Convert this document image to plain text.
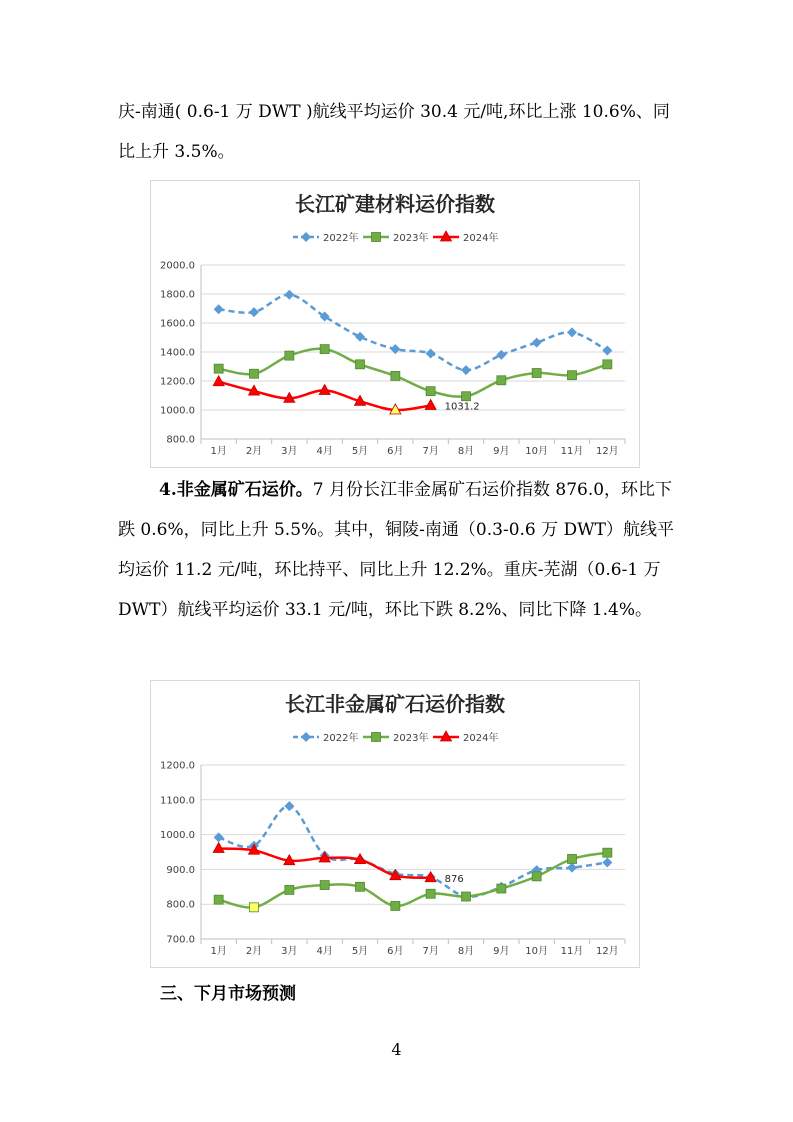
庆-南通( 0.6-1 万 DWT )航线平均运价 30.4 元/吨,环比上涨 10.6%、同比上升 3.5%。

长江矿建材料运价指数
2022年	2023年	2024年
800.0
1000.0
1200.0
1400.0
1600.0
1800.0
2000.0
1月 2月 3月 4月 5月 6月 7月 8月 9月 10月 11月 12月
1031.2

4.非金属矿石运价。7 月份长江非金属矿石运价指数 876.0，环比下跌 0.6%，同比上升 5.5%。其中，铜陵-南通（0.3-0.6 万 DWT）航线平均运价 11.2 元/吨，环比持平、同比上升 12.2%。重庆-芜湖（0.6-1 万 DWT）航线平均运价 33.1 元/吨，环比下跌 8.2%、同比下降 1.4%。

长江非金属矿石运价指数
2022年	2023年	2024年
700.0
800.0
900.0
1000.0
1100.0
1200.0
1月 2月 3月 4月 5月 6月 7月 8月 9月 10月 11月 12月
876

三、下月市场预测

4
